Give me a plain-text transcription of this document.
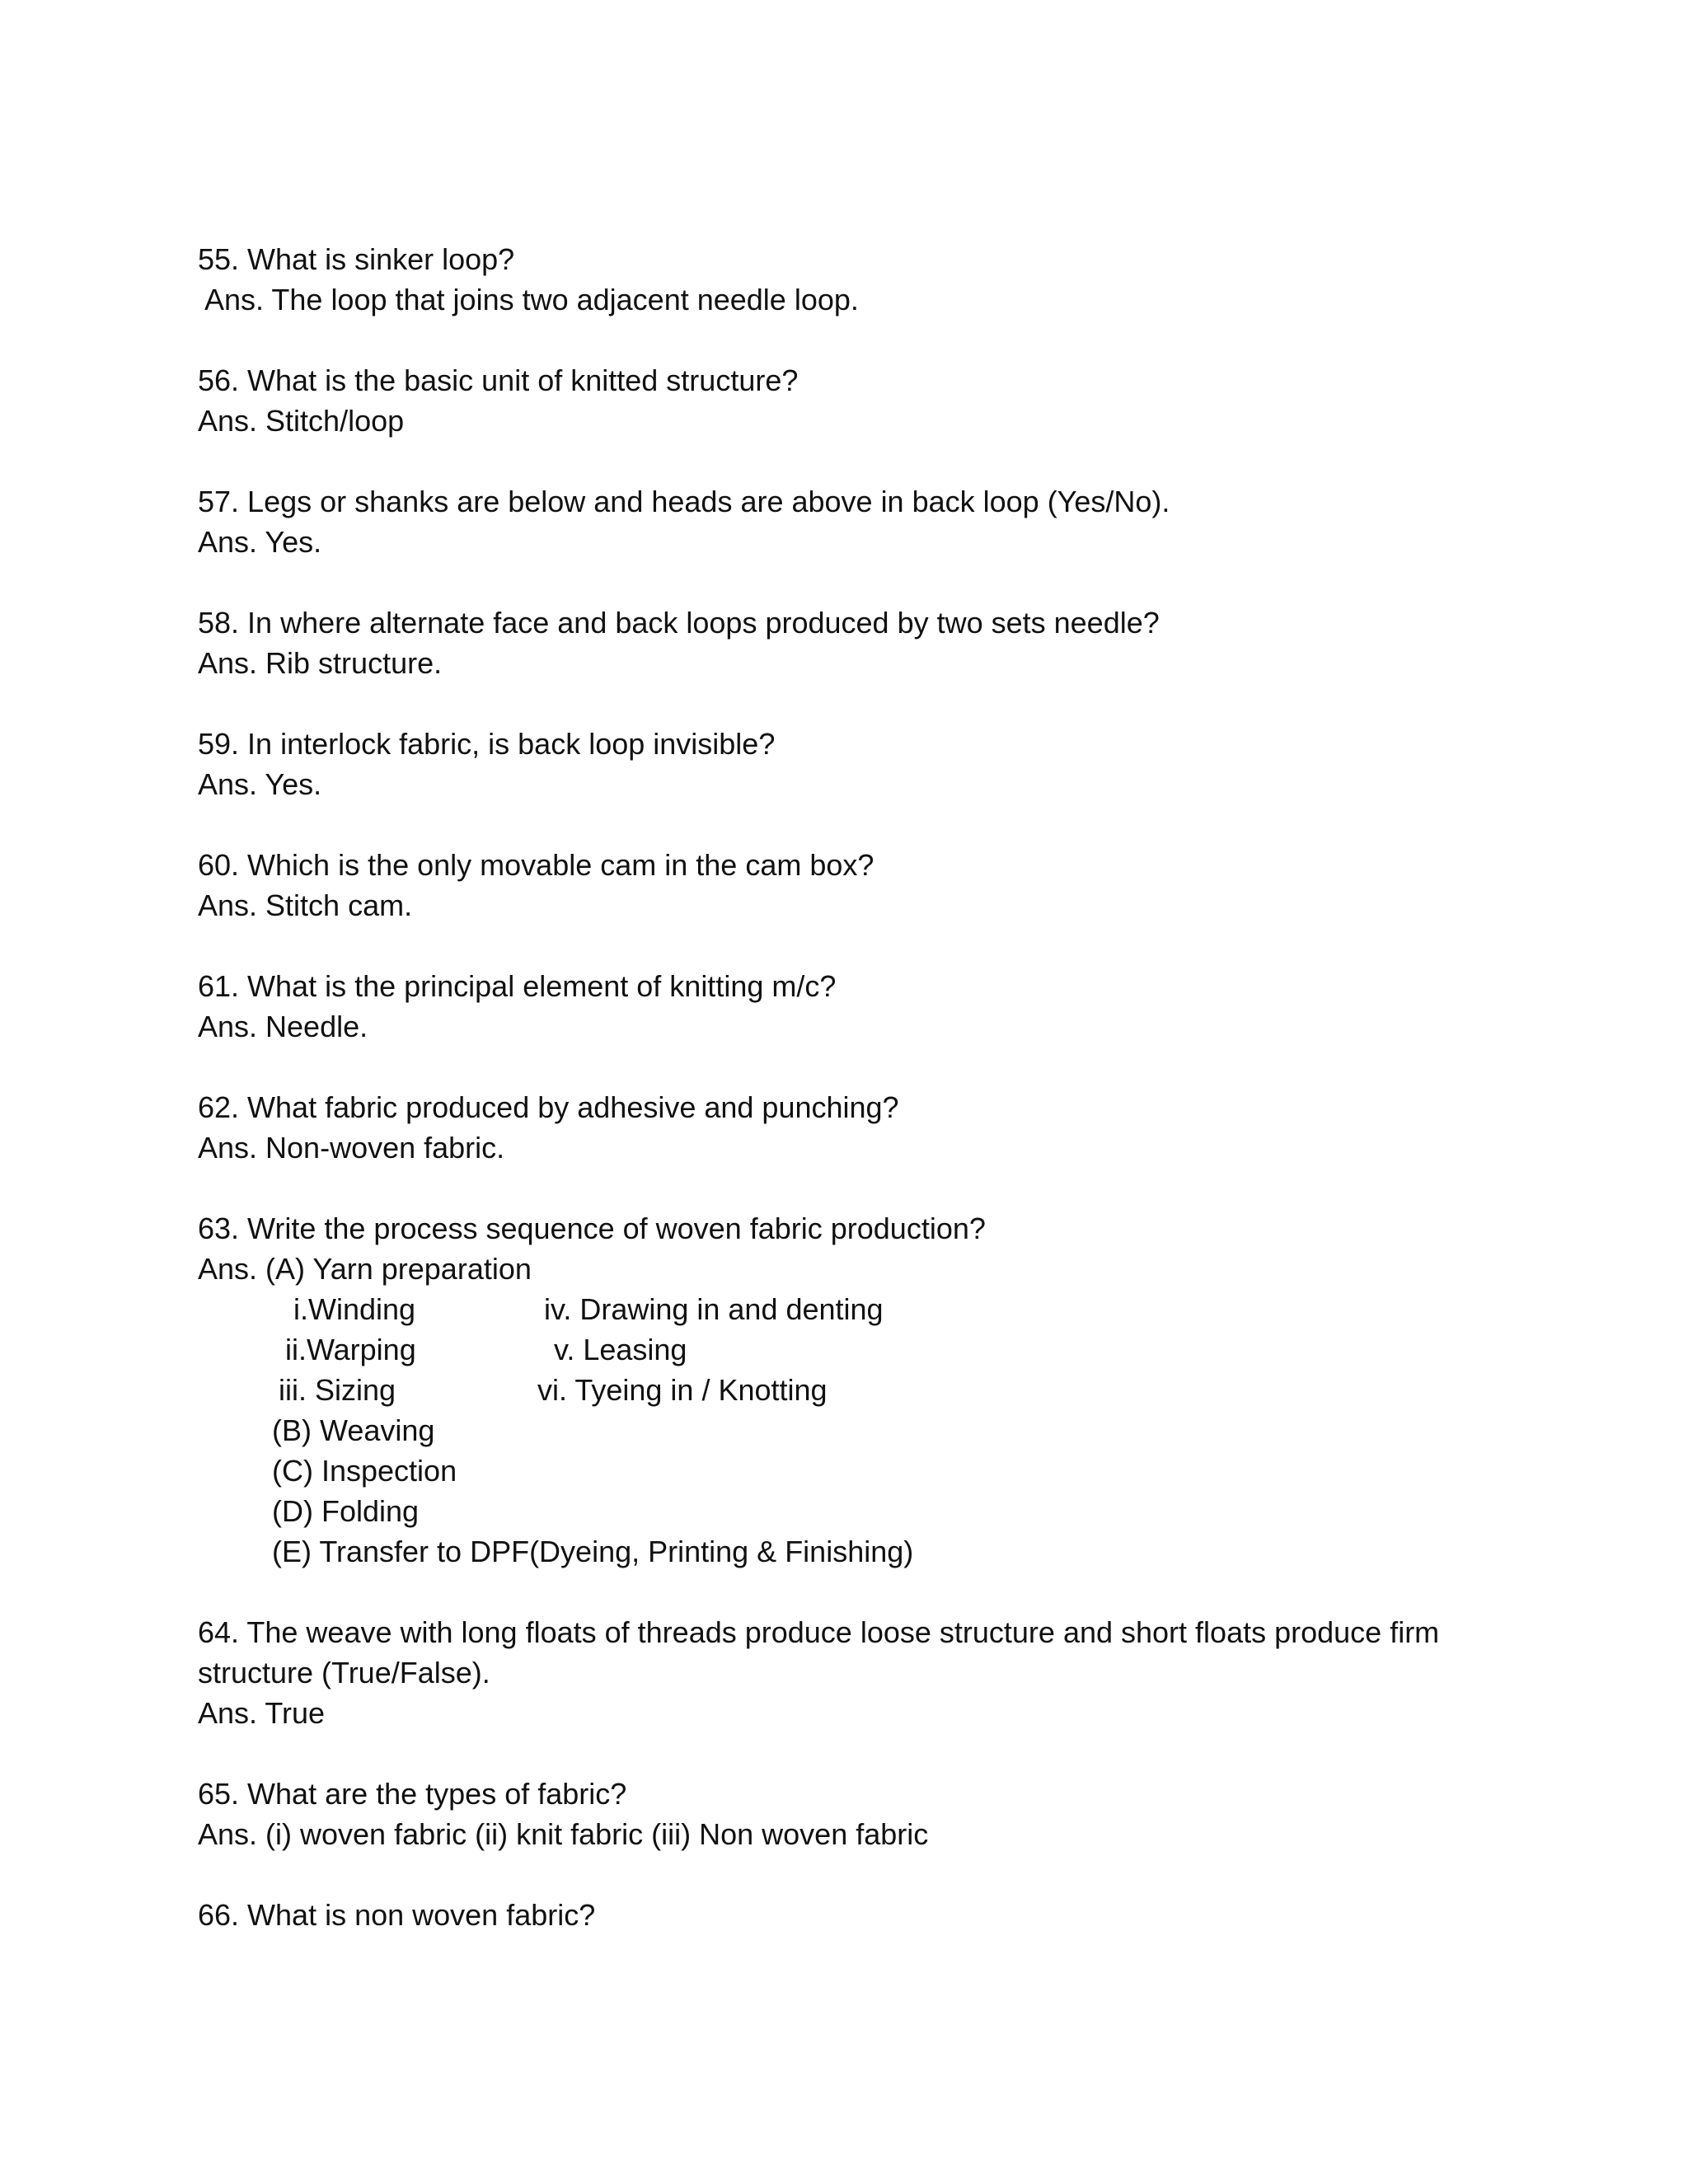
55. What is sinker loop?
Ans. The loop that joins two adjacent needle loop.
56. What is the basic unit of knitted structure?
Ans. Stitch/loop
57. Legs or shanks are below and heads are above in back loop (Yes/No).
Ans. Yes.
58. In where alternate face and back loops produced by two sets needle?
Ans. Rib structure.
59. In interlock fabric, is back loop invisible?
Ans. Yes.
60. Which is the only movable cam in the cam box?
Ans. Stitch cam.
61. What is the principal element of knitting m/c?
Ans. Needle.
62. What fabric produced by adhesive and punching?
Ans. Non-woven fabric.
63. Write the process sequence of woven fabric production?
Ans. (A) Yarn preparation
i.Winding	iv. Drawing in and denting
ii.Warping	v. Leasing
iii. Sizing	vi. Tyeing in / Knotting
(B) Weaving
(C) Inspection
(D) Folding
(E) Transfer to DPF(Dyeing, Printing & Finishing)
64. The weave with long floats of threads produce loose structure and short floats produce firm structure (True/False).
Ans. True
65. What are the types of fabric?
Ans. (i) woven fabric (ii) knit fabric (iii) Non woven fabric
66. What is non woven fabric?
